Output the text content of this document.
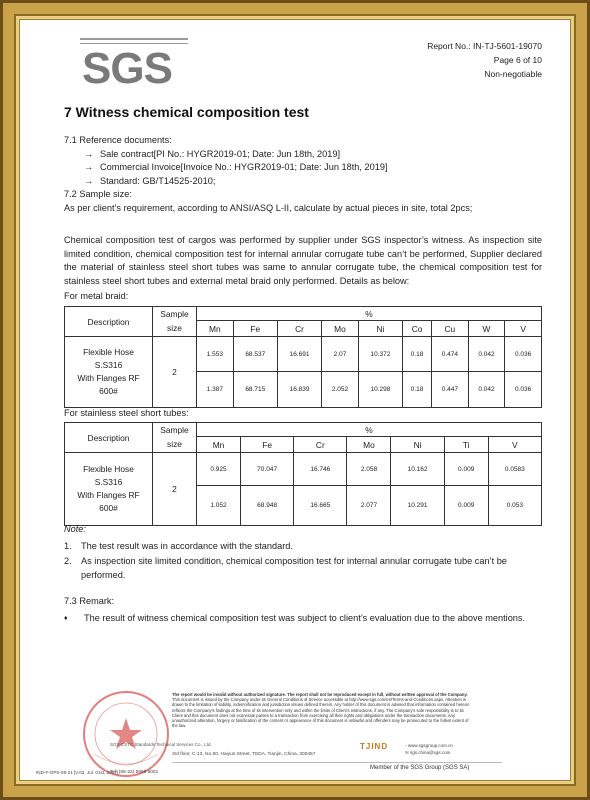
SGS	Report No.: IN-TJ-5601-19070
Page 6 of 10
Non-negotiable
7 Witness chemical composition test
7.1 Reference documents:
→ Sale contract[PI No.: HYGR2019-01; Date: Jun 18th, 2019]
→ Commercial Invoice[Invoice No.: HYGR2019-01; Date: Jun 18th, 2019]
→ Standard: GB/T14525-2010;
7.2 Sample size:
As per client’s requirement, according to ANSI/ASQ L-II, calculate by actual pieces in site, total 2pcs;
Chemical composition test of cargos was performed by supplier under SGS inspector’s witness. As inspection site limited condition, chemical composition test for internal annular corrugate tube can’t be performed, Supplier declared the material of stainless steel short tubes was same to annular corrugate tube, the chemical composition test for stainless steel short tubes and external metal braid only performed. Details as below:
For metal braid:
Description	Sample	%								
	size	Mn	Fe	Cr	Mo	Ni	Co	Cu	W	V

Flexible Hose
S.S316
With Flanges RF
600#	2	1.553	68.537	16.691	2.07	10.372	0.18	0.474	0.042	0.036
		1.387	68.715	16.839	2.052	10.298	0.18	0.447	0.042	0.036
For stainless steel short tubes:
Description	Sample	%						
	size	Mn	Fe	Cr	Mo	Ni	Ti	V

Flexible Hose
S.S316
With Flanges RF
600#	2	0.925	70.047	16.746	2.058	10.162	0.009	0.0583
		1.052	68.948	16.665	2.077	10.291	0.009	0.053
Note:
1.	The test result was in accordance with the standard.
2.	As inspection site limited condition, chemical composition test for internal annular corrugate tube can’t be performed.
7.3 Remark:
♦	The result of witness chemical composition test was subject to client’s evaluation due to the above mentions.
SGS-CSTC Standards Technical Services Co., Ltd.
The report would be invalid without authorized signature. The report shall not be reproduced except in full, without written approval of the Company.
This document is issued by the Company under its General Conditions of Service accessible at http://www.sgs.com/en/Terms-and-Conditions.aspx. Attention is drawn to the limitation of liability, indemnification and jurisdiction issues defined therein. Any holder of this document is advised that information contained hereon reflects the Company's findings at the time of its intervention only and within the limits of Client's instructions, if any. The Company's sole responsibility is to its Client and this document does not exonerate parties to a transaction from exercising all their rights and obligations under the transaction documents. Any unauthorized alteration, forgery or falsification of the content or appearance of this document is unlawful and offenders may be prosecuted to the fullest extent of the law.
TJIND
3rd floor, C-13, No.80, Haiyun Street, TEDA, Tianjin, China, 300457
◦ www.sgsgroup.com.cn
✉ sgs.china@sgs.com
Tel: (86-22) 5999 5001
IND-F-OPS-05-21 [V.03, Jul. 01st, 2017]
Member of the SGS Group (SGS SA)
